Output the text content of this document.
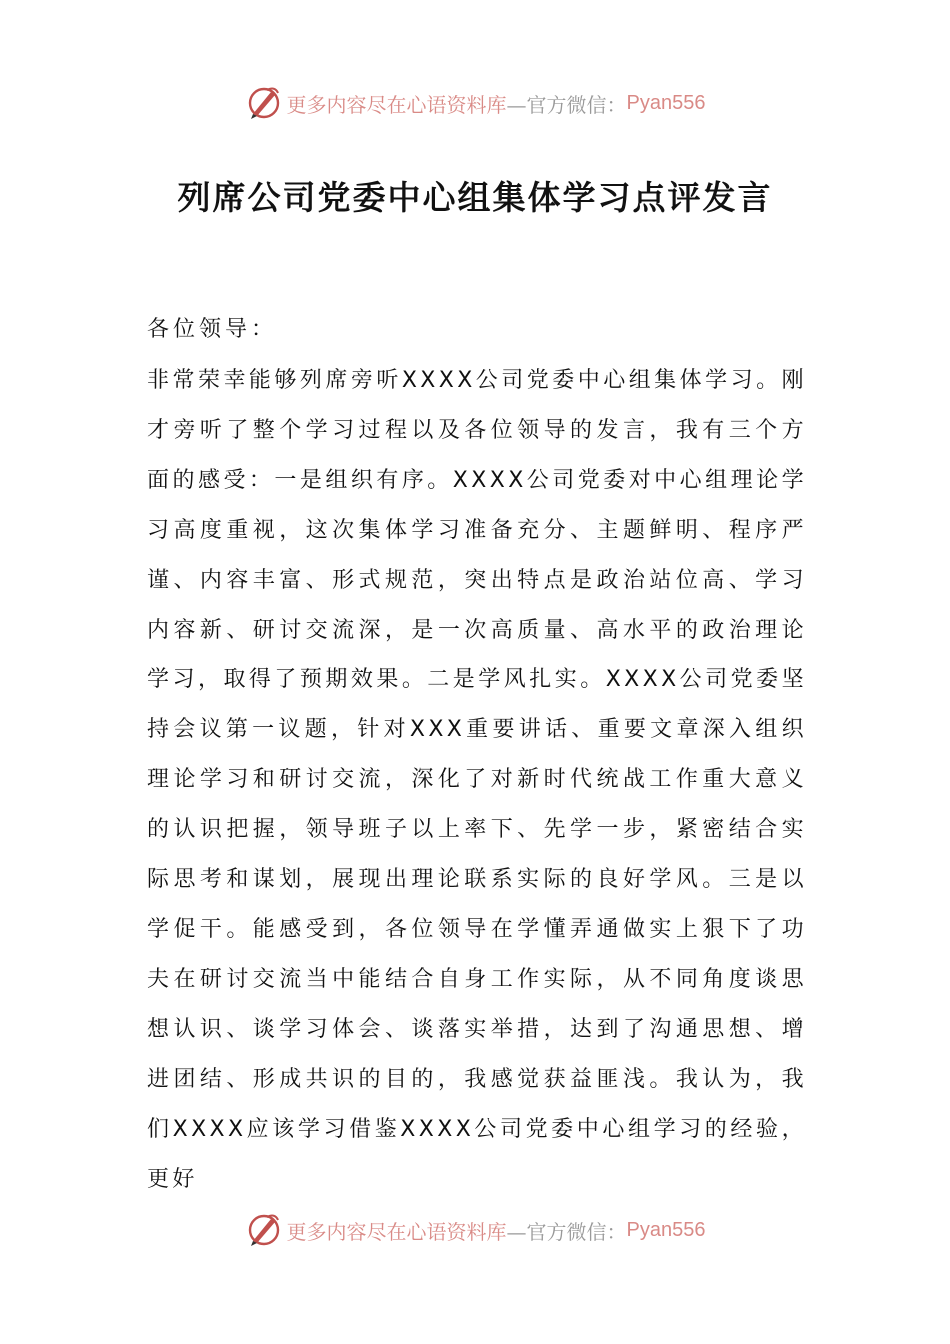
更多内容尽在心语资料库 —官方微信： Pyan556
列席公司党委中心组集体学习点评发言
各位领导：

非常荣幸能够列席旁听XXXX公司党委中心组集体学习。刚才旁听了整个学习过程以及各位领导的发言，我有三个方面的感受：一是组织有序。XXXX公司党委对中心组理论学习高度重视，这次集体学习准备充分、主题鲜明、程序严谨、内容丰富、形式规范，突出特点是政治站位高、学习内容新、研讨交流深，是一次高质量、高水平的政治理论学习，取得了预期效果。二是学风扎实。XXXX公司党委坚持会议第一议题，针对XXX重要讲话、重要文章深入组织理论学习和研讨交流，深化了对新时代统战工作重大意义的认识把握，领导班子以上率下、先学一步，紧密结合实际思考和谋划，展现出理论联系实际的良好学风。三是以学促干。能感受到，各位领导在学懂弄通做实上狠下了功夫在研讨交流当中能结合自身工作实际，从不同角度谈思想认识、谈学习体会、谈落实举措，达到了沟通思想、增进团结、形成共识的目的，我感觉获益匪浅。我认为，我们XXXX应该学习借鉴XXXX公司党委中心组学习的经验，更好

更多内容尽在心语资料库 —官方微信： Pyan556
